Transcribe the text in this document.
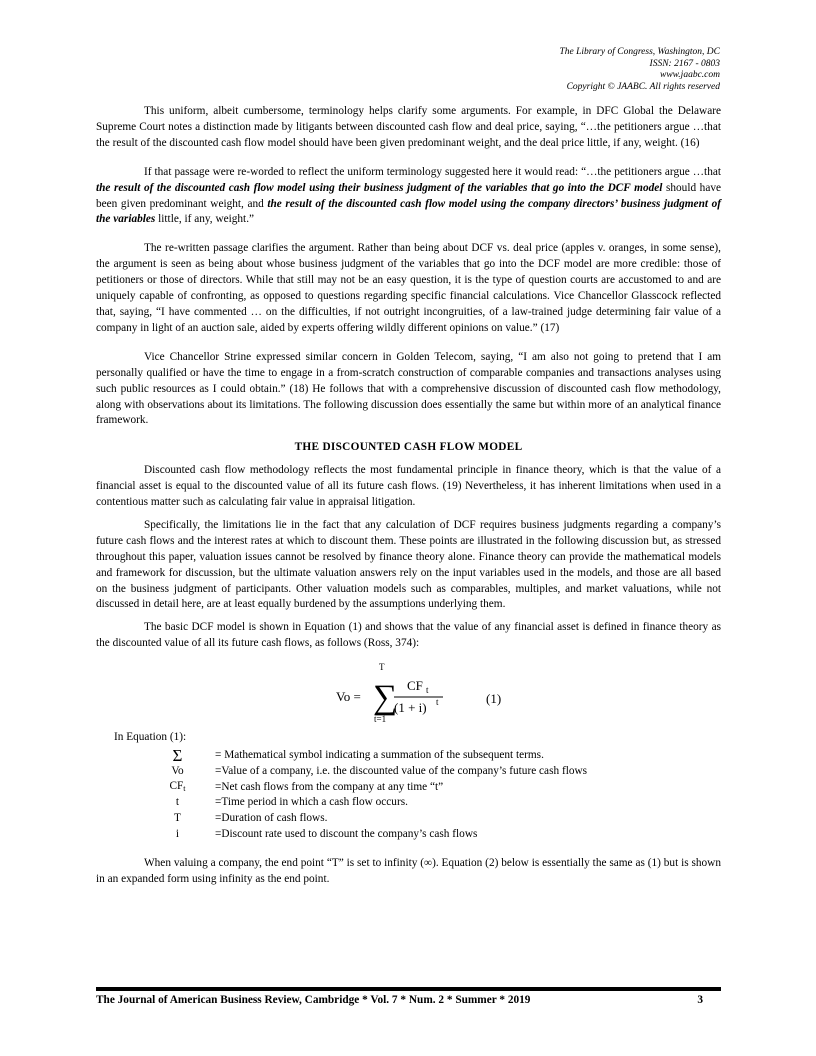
The Library of Congress, Washington, DC
ISSN: 2167 - 0803
www.jaabc.com
Copyright © JAABC. All rights reserved

This uniform, albeit cumbersome, terminology helps clarify some arguments. For example, in DFC Global the Delaware Supreme Court notes a distinction made by litigants between discounted cash flow and deal price, saying, “…the petitioners argue …that the result of the discounted cash flow model should have been given predominant weight, and the deal price little, if any, weight. (16)

If that passage were re-worded to reflect the uniform terminology suggested here it would read: “…the petitioners argue …that the result of the discounted cash flow model using their business judgment of the variables that go into the DCF model should have been given predominant weight, and the result of the discounted cash flow model using the company directors’ business judgment of the variables little, if any, weight.”

The re-written passage clarifies the argument. Rather than being about DCF vs. deal price (apples v. oranges, in some sense), the argument is seen as being about whose business judgment of the variables that go into the DCF model are more credible: those of petitioners or those of directors. While that still may not be an easy question, it is the type of question courts are accustomed to and are uniquely capable of confronting, as opposed to questions regarding specific financial calculations. Vice Chancellor Glasscock reflected that, saying, “I have commented … on the difficulties, if not outright incongruities, of a law-trained judge determining fair value of a company in light of an auction sale, aided by experts offering wildly different opinions on value.” (17)

Vice Chancellor Strine expressed similar concern in Golden Telecom, saying, “I am also not going to pretend that I am personally qualified or have the time to engage in a from-scratch construction of comparable companies and transactions analyses using such public resources as I could obtain.” (18) He follows that with a comprehensive discussion of discounted cash flow methodology, along with observations about its limitations. The following discussion does essentially the same but within more of an analytical finance framework.

THE DISCOUNTED CASH FLOW MODEL

Discounted cash flow methodology reflects the most fundamental principle in finance theory, which is that the value of a financial asset is equal to the discounted value of all its future cash flows. (19) Nevertheless, it has inherent limitations when used in a contentious matter such as calculating fair value in appraisal litigation.

Specifically, the limitations lie in the fact that any calculation of DCF requires business judgments regarding a company’s future cash flows and the interest rates at which to discount them. These points are illustrated in the following discussion but, as stressed throughout this paper, valuation issues cannot be resolved by finance theory alone. Finance theory can provide the mathematical models and framework for discussion, but the ultimate valuation answers rely on the input variables used in the models, and those are all based on the business judgment of participants. Other valuation models such as comparables, multiples, and market valuations, while not discussed in detail here, are at least equally burdened by the assumptions underlying them.

The basic DCF model is shown in Equation (1) and shows that the value of any financial asset is defined in finance theory as the discounted value of all its future cash flows, as follows (Ross, 374):

Vo = ∑
T
t=1
CF t
(1 + i) t	(1)
In Equation (1):
Σ	= Mathematical symbol indicating a summation of the subsequent terms.
Vo	=Value of a company, i.e. the discounted value of the company’s future cash flows
$CF_t$	=Net cash flows from the company at any time “t”
t	=Time period in which a cash flow occurs.
T	=Duration of cash flows.
i	=Discount rate used to discount the company’s cash flows

When valuing a company, the end point “T” is set to infinity (∞). Equation (2) below is essentially the same as (1) but is shown in an expanded form using infinity as the end point.

The Journal of American Business Review, Cambridge * Vol. 7 * Num. 2 * Summer * 2019	3
